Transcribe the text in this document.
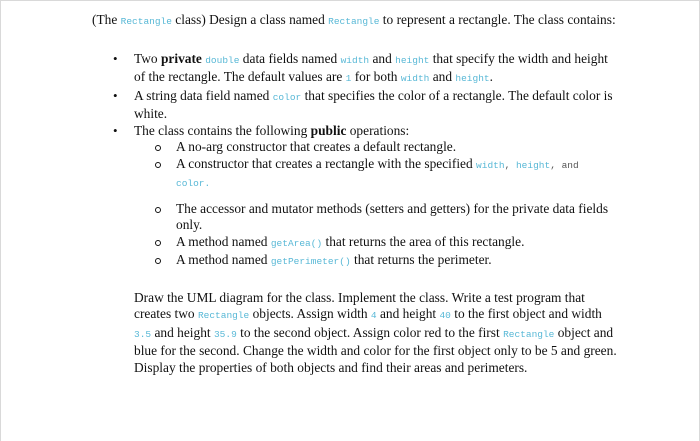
(The Rectangle class) Design a class named Rectangle to represent a rectangle. The class contains:

• Two private double data fields named width and height that specify the width and height of the rectangle. The default values are 1 for both width and height.
• A string data field named color that specifies the color of a rectangle. The default color is white.
• The class contains the following public operations:
A no-arg constructor that creates a default rectangle.
A constructor that creates a rectangle with the specified width, height, and
color.
The accessor and mutator methods (setters and getters) for the private data fields only.
A method named getArea() that returns the area of this rectangle.
A method named getPerimeter() that returns the perimeter.

Draw the UML diagram for the class. Implement the class. Write a test program that creates two Rectangle objects. Assign width 4 and height 40 to the first object and width 3.5 and height 35.9 to the second object. Assign color red to the first Rectangle object and blue for the second. Change the width and color for the first object only to be 5 and green. Display the properties of both objects and find their areas and perimeters.
